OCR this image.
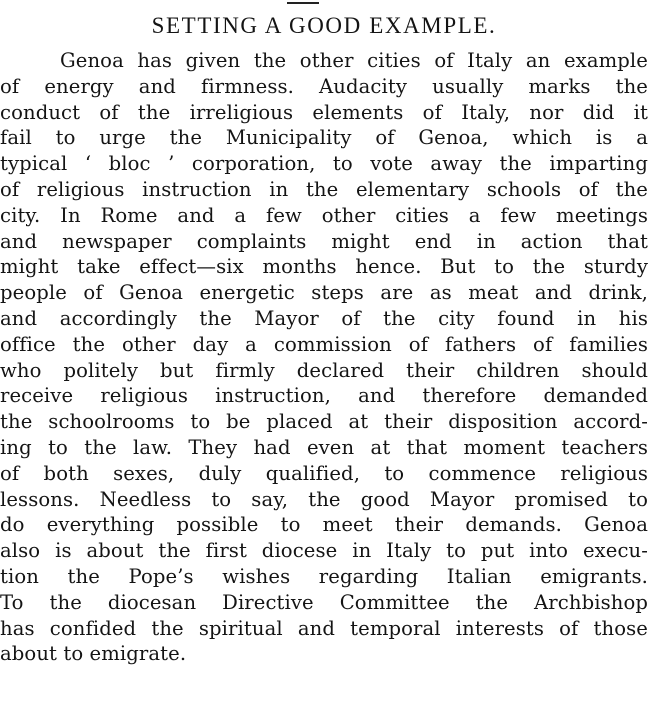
SETTING A GOOD EXAMPLE.
Genoa has given the other cities of Italy an example
of energy and firmness. Audacity usually marks the
conduct of the irreligious elements of Italy, nor did it
fail to urge the Municipality of Genoa, which is a
typical ‘ bloc ’ corporation, to vote away the imparting
of religious instruction in the elementary schools of the
city. In Rome and a few other cities a few meetings
and newspaper complaints might end in action that
might take effect—six months hence. But to the sturdy
people of Genoa energetic steps are as meat and drink,
and accordingly the Mayor of the city found in his
office the other day a commission of fathers of families
who politely but firmly declared their children should
receive religious instruction, and therefore demanded
the schoolrooms to be placed at their disposition accord-
ing to the law. They had even at that moment teachers
of both sexes, duly qualified, to commence religious
lessons. Needless to say, the good Mayor promised to
do everything possible to meet their demands. Genoa
also is about the first diocese in Italy to put into execu-
tion the Pope’s wishes regarding Italian emigrants.
To the diocesan Directive Committee the Archbishop
has confided the spiritual and temporal interests of those
about to emigrate.
